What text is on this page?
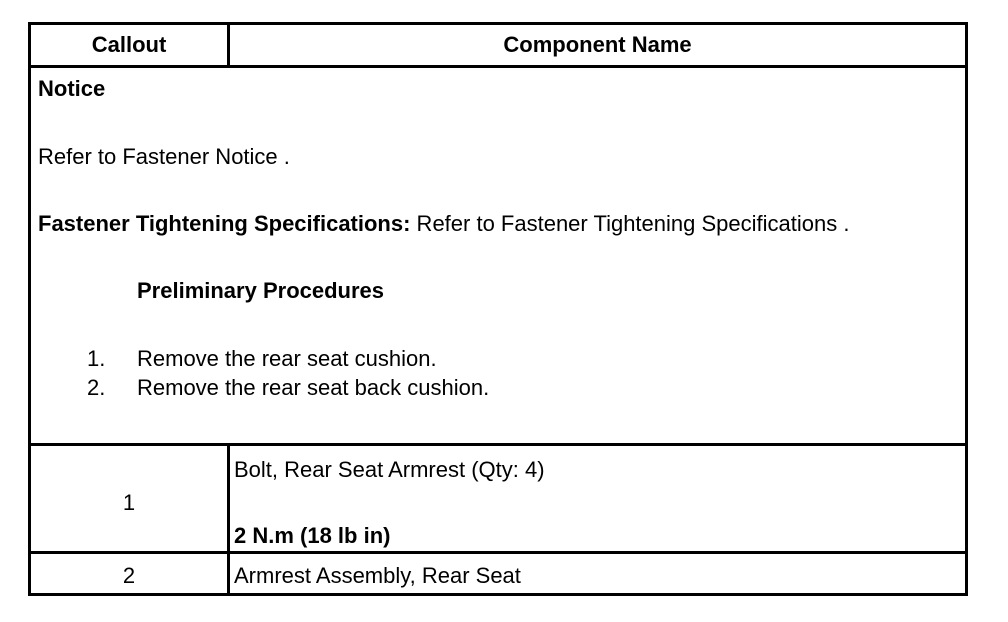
Callout	Component Name
Notice
Refer to Fastener Notice .
Fastener Tightening Specifications: Refer to Fastener Tightening Specifications .
Preliminary Procedures
1. Remove the rear seat cushion.
2. Remove the rear seat back cushion.
1
Bolt, Rear Seat Armrest (Qty: 4)
2 N.m (18 lb in)
2	Armrest Assembly, Rear Seat
